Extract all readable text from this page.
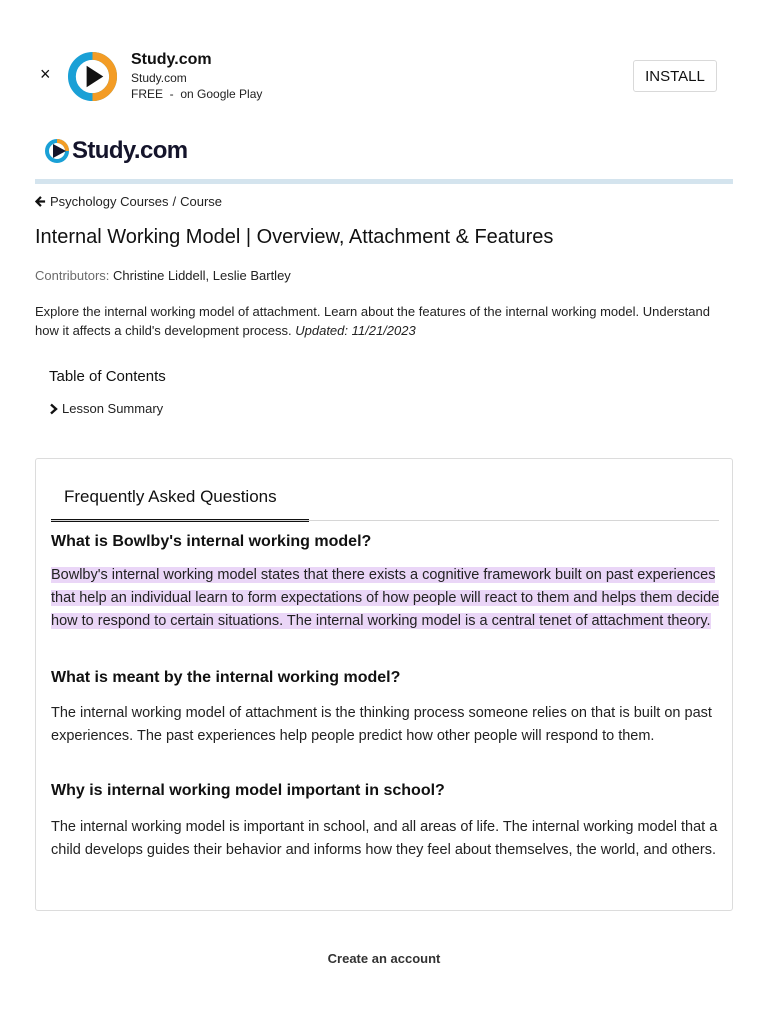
×
Study.com
Study.com
FREE  -  on Google Play
INSTALL
Study.com
Psychology Courses / Course
Internal Working Model | Overview, Attachment & Features
Contributors: Christine Liddell, Leslie Bartley
Explore the internal working model of attachment. Learn about the features of the internal working model. Understand how it affects a child's development process. Updated: 11/21/2023
Table of Contents
Lesson Summary
Frequently Asked Questions
What is Bowlby's internal working model?
Bowlby's internal working model states that there exists a cognitive framework built on past experiences that help an individual learn to form expectations of how people will react to them and helps them decide how to respond to certain situations. The internal working model is a central tenet of attachment theory.
What is meant by the internal working model?
The internal working model of attachment is the thinking process someone relies on that is built on past experiences. The past experiences help people predict how other people will respond to them.
Why is internal working model important in school?
The internal working model is important in school, and all areas of life. The internal working model that a child develops guides their behavior and informs how they feel about themselves, the world, and others.
Create an account
